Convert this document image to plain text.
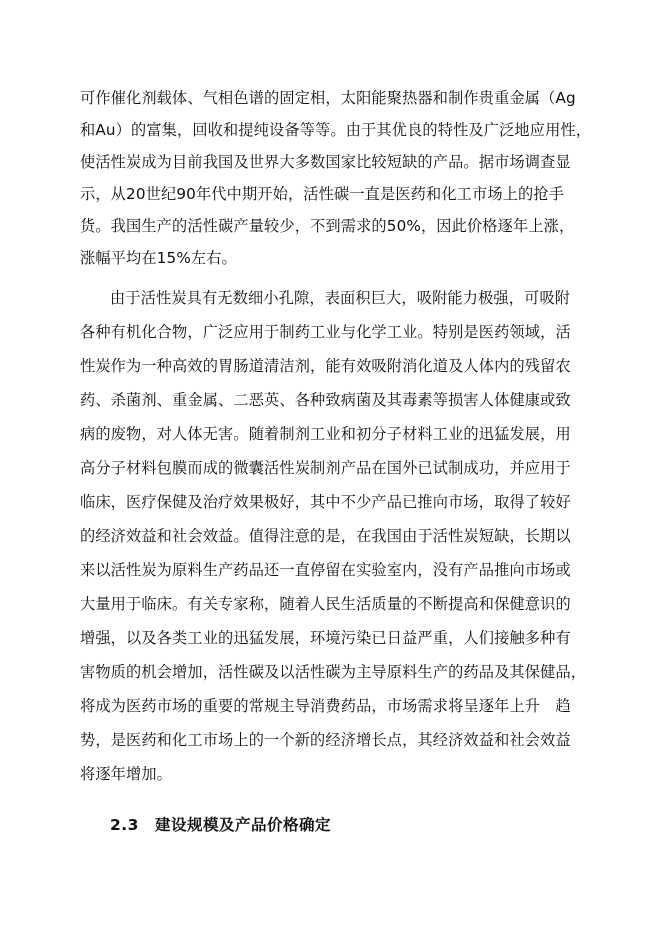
可作催化剂载体、气相色谱的固定相，太阳能聚热器和制作贵重金属（Ag
和Au）的富集，回收和提纯设备等等。由于其优良的特性及广泛地应用性，
使活性炭成为目前我国及世界大多数国家比较短缺的产品。据市场调查显
示，从20世纪90年代中期开始，活性碳一直是医药和化工市场上的抢手
货。我国生产的活性碳产量较少，不到需求的50%，因此价格逐年上涨，
涨幅平均在15%左右。
由于活性炭具有无数细小孔隙，表面积巨大，吸附能力极强，可吸附
各种有机化合物，广泛应用于制药工业与化学工业。特别是医药领域，活
性炭作为一种高效的胃肠道清洁剂，能有效吸附消化道及人体内的残留农
药、杀菌剂、重金属、二恶英、各种致病菌及其毒素等损害人体健康或致
病的废物，对人体无害。随着制剂工业和初分子材料工业的迅猛发展，用
高分子材料包膜而成的微囊活性炭制剂产品在国外已试制成功，并应用于
临床，医疗保健及治疗效果极好，其中不少产品已推向市场，取得了较好
的经济效益和社会效益。值得注意的是，在我国由于活性炭短缺，长期以
来以活性炭为原料生产药品还一直停留在实验室内，没有产品推向市场或
大量用于临床。有关专家称，随着人民生活质量的不断提高和保健意识的
增强，以及各类工业的迅猛发展，环境污染已日益严重，人们接触多种有
害物质的机会增加，活性碳及以活性碳为主导原料生产的药品及其保健品，
将成为医药市场的重要的常规主导消费药品，市场需求将呈逐年上升　趋
势，是医药和化工市场上的一个新的经济增长点，其经济效益和社会效益
将逐年增加。
2.3　建设规模及产品价格确定
